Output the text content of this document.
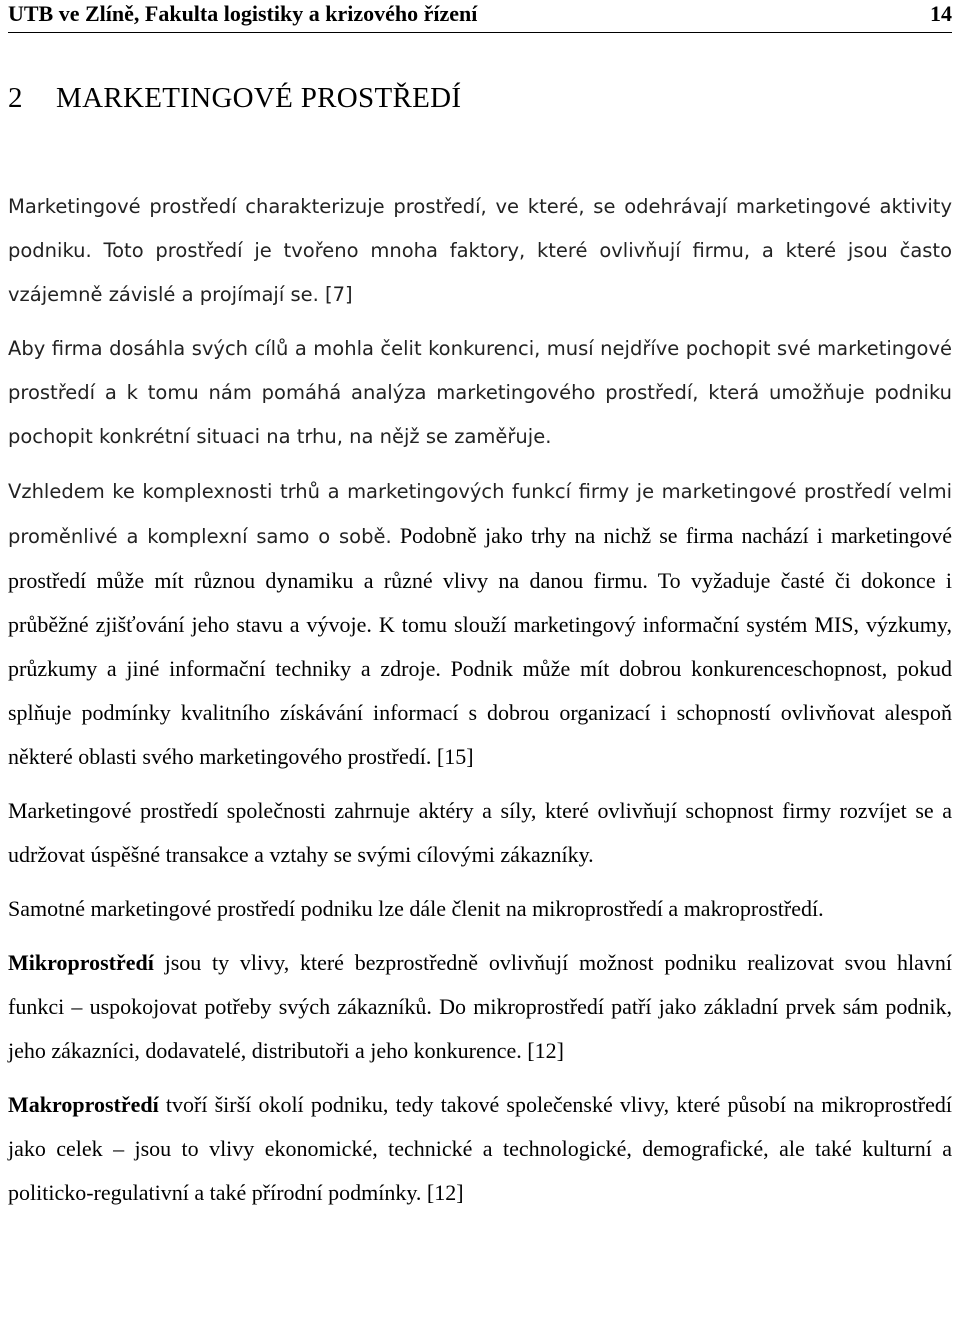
UTB ve Zlíně, Fakulta logistiky a krizového řízení	14
2 MARKETINGOVÉ PROSTŘEDÍ

Marketingové prostředí charakterizuje prostředí, ve které, se odehrávají marketingové aktivity podniku. Toto prostředí je tvořeno mnoha faktory, které ovlivňují firmu, a které jsou často vzájemně závislé a projímají se. [7]

Aby firma dosáhla svých cílů a mohla čelit konkurenci, musí nejdříve pochopit své marketingové prostředí a k tomu nám pomáhá analýza marketingového prostředí, která umožňuje podniku pochopit konkrétní situaci na trhu, na nějž se zaměřuje.

Vzhledem ke komplexnosti trhů a marketingových funkcí firmy je marketingové prostředí velmi proměnlivé a komplexní samo o sobě. Podobně jako trhy na nichž se firma nachází i marketingové prostředí může mít různou dynamiku a různé vlivy na danou firmu. To vyžaduje časté či dokonce i průběžné zjišťování jeho stavu a vývoje. K tomu slouží marketingový informační systém MIS, výzkumy, průzkumy a jiné informační techniky a zdroje. Podnik může mít dobrou konkurenceschopnost, pokud splňuje podmínky kvalitního získávání informací s dobrou organizací i schopností ovlivňovat alespoň některé oblasti svého marketingového prostředí. [15]

Marketingové prostředí společnosti zahrnuje aktéry a síly, které ovlivňují schopnost firmy rozvíjet se a udržovat úspěšné transakce a vztahy se svými cílovými zákazníky.

Samotné marketingové prostředí podniku lze dále členit na mikroprostředí a makroprostředí.

Mikroprostředí jsou ty vlivy, které bezprostředně ovlivňují možnost podniku realizovat svou hlavní funkci – uspokojovat potřeby svých zákazníků. Do mikroprostředí patří jako základní prvek sám podnik, jeho zákazníci, dodavatelé, distributoři a jeho konkurence. [12]

Makroprostředí tvoří širší okolí podniku, tedy takové společenské vlivy, které působí na mikroprostředí jako celek – jsou to vlivy ekonomické, technické a technologické, demografické, ale také kulturní a politicko-regulativní a také přírodní podmínky. [12]
